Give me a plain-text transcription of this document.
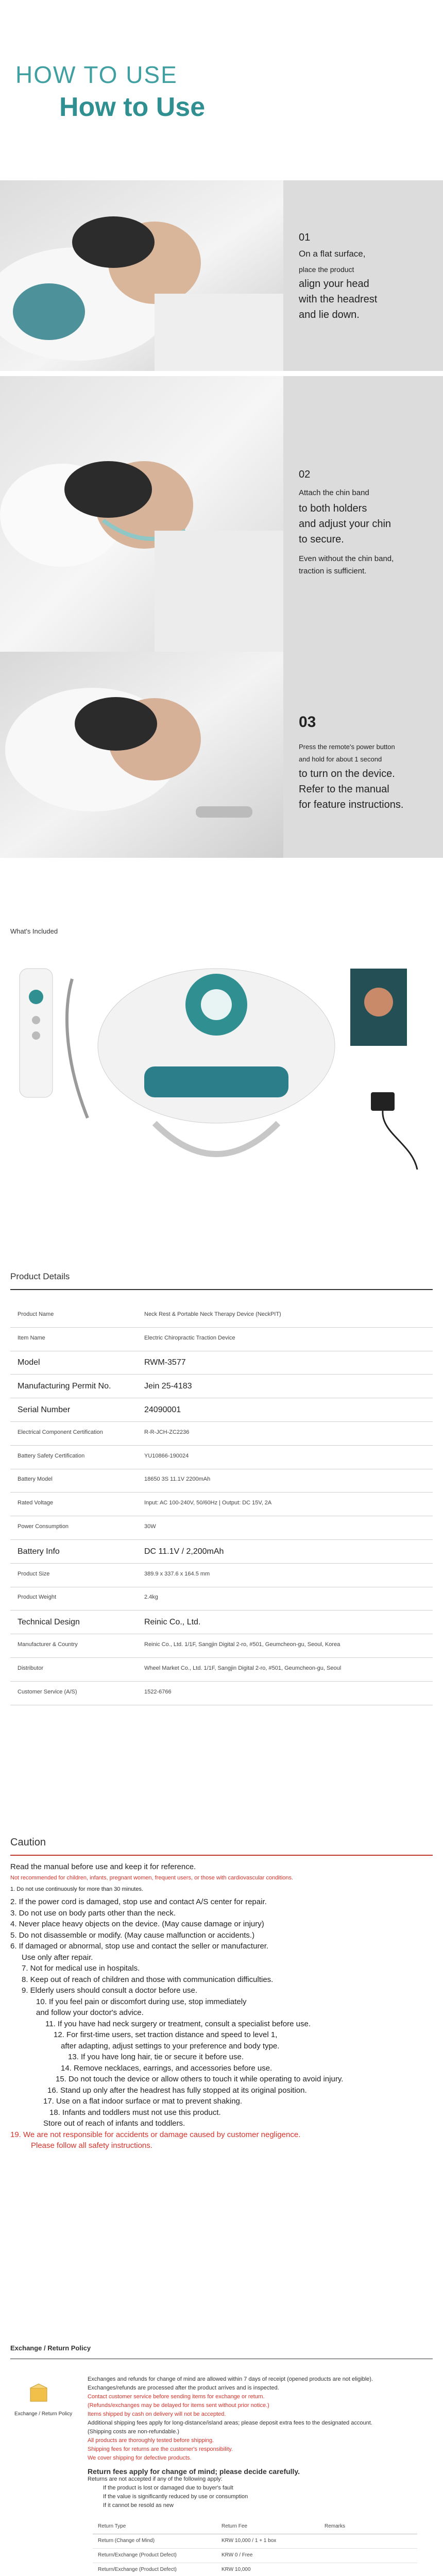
HOW TO USE
How to Use
01
On a flat surface,
place the product
align your head
with the headrest
and lie down.
02
Attach the chin band
to both holders
and adjust your chin
to secure.
Even without the chin band,
traction is sufficient.
03
Press the remote's power button
and hold for about 1 second
to turn on the device.
Refer to the manual
for feature instructions.
What's Included
Product Details
Product Name	Neck Rest & Portable Neck Therapy Device (NeckPIT)
Item Name	Electric Chiropractic Traction Device
Model	RWM-3577
Manufacturing Permit No.	Jein 25-4183
Serial Number	24090001
Electrical Component Certification	R-R-JCH-ZC2236
Battery Safety Certification	YU10866-190024
Battery Model	18650 3S 11.1V 2200mAh
Rated Voltage	Input: AC 100-240V, 50/60Hz | Output: DC 15V, 2A
Power Consumption	30W
Battery Info	DC 11.1V / 2,200mAh
Product Size	389.9 x 337.6 x 164.5 mm
Product Weight	2.4kg
Technical Design	Reinic Co., Ltd.
Manufacturer & Country	Reinic Co., Ltd. 1/1F, Sangjin Digital 2-ro, #501, Geumcheon-gu, Seoul, Korea
Distributor	Wheel Market Co., Ltd. 1/1F, Sangjin Digital 2-ro, #501, Geumcheon-gu, Seoul
Customer Service (A/S)	1522-6766
Caution
Read the manual before use and keep it for reference.
Not recommended for children, infants, pregnant women, frequent users, or those with cardiovascular conditions.
1. Do not use continuously for more than 30 minutes.
2. If the power cord is damaged, stop use and contact A/S center for repair.
3. Do not use on body parts other than the neck.
4. Never place heavy objects on the device. (May cause damage or injury)
5. Do not disassemble or modify. (May cause malfunction or accidents.)
6. If damaged or abnormal, stop use and contact the seller or manufacturer.
Use only after repair.
7. Not for medical use in hospitals.
8. Keep out of reach of children and those with communication difficulties.
9. Elderly users should consult a doctor before use.
10. If you feel pain or discomfort during use, stop immediately
and follow your doctor's advice.
11. If you have had neck surgery or treatment, consult a specialist before use.
12. For first-time users, set traction distance and speed to level 1,
after adapting, adjust settings to your preference and body type.
13. If you have long hair, tie or secure it before use.
14. Remove necklaces, earrings, and accessories before use.
15. Do not touch the device or allow others to touch it while operating to avoid injury.
16. Stand up only after the headrest has fully stopped at its original position.
17. Use on a flat indoor surface or mat to prevent shaking.
18. Infants and toddlers must not use this product.
Store out of reach of infants and toddlers.
19. We are not responsible for accidents or damage caused by customer negligence.
Please follow all safety instructions.
Exchange / Return Policy
Exchange / Return Policy
Exchanges and refunds for change of mind are allowed within 7 days of receipt (opened products are not eligible).
Exchanges/refunds are processed after the product arrives and is inspected.
Contact customer service before sending items for exchange or return.
(Refunds/exchanges may be delayed for items sent without prior notice.)
Items shipped by cash on delivery will not be accepted.
Additional shipping fees apply for long-distance/island areas; please deposit extra fees to the designated account.
(Shipping costs are non-refundable.)
All products are thoroughly tested before shipping.
Shipping fees for returns are the customer's responsibility.
We cover shipping for defective products.
Return fees apply for change of mind; please decide carefully.
Returns are not accepted if any of the following apply:
If the product is lost or damaged due to buyer's fault
If the value is significantly reduced by use or consumption
If it cannot be resold as new
Return Type	Return Fee	Remarks
Return (Change of Mind)	KRW 10,000 / 1 + 1 box
Return/Exchange (Product Defect)	KRW 0 / Free
Return/Exchange (Product Defect)	KRW 10,000
